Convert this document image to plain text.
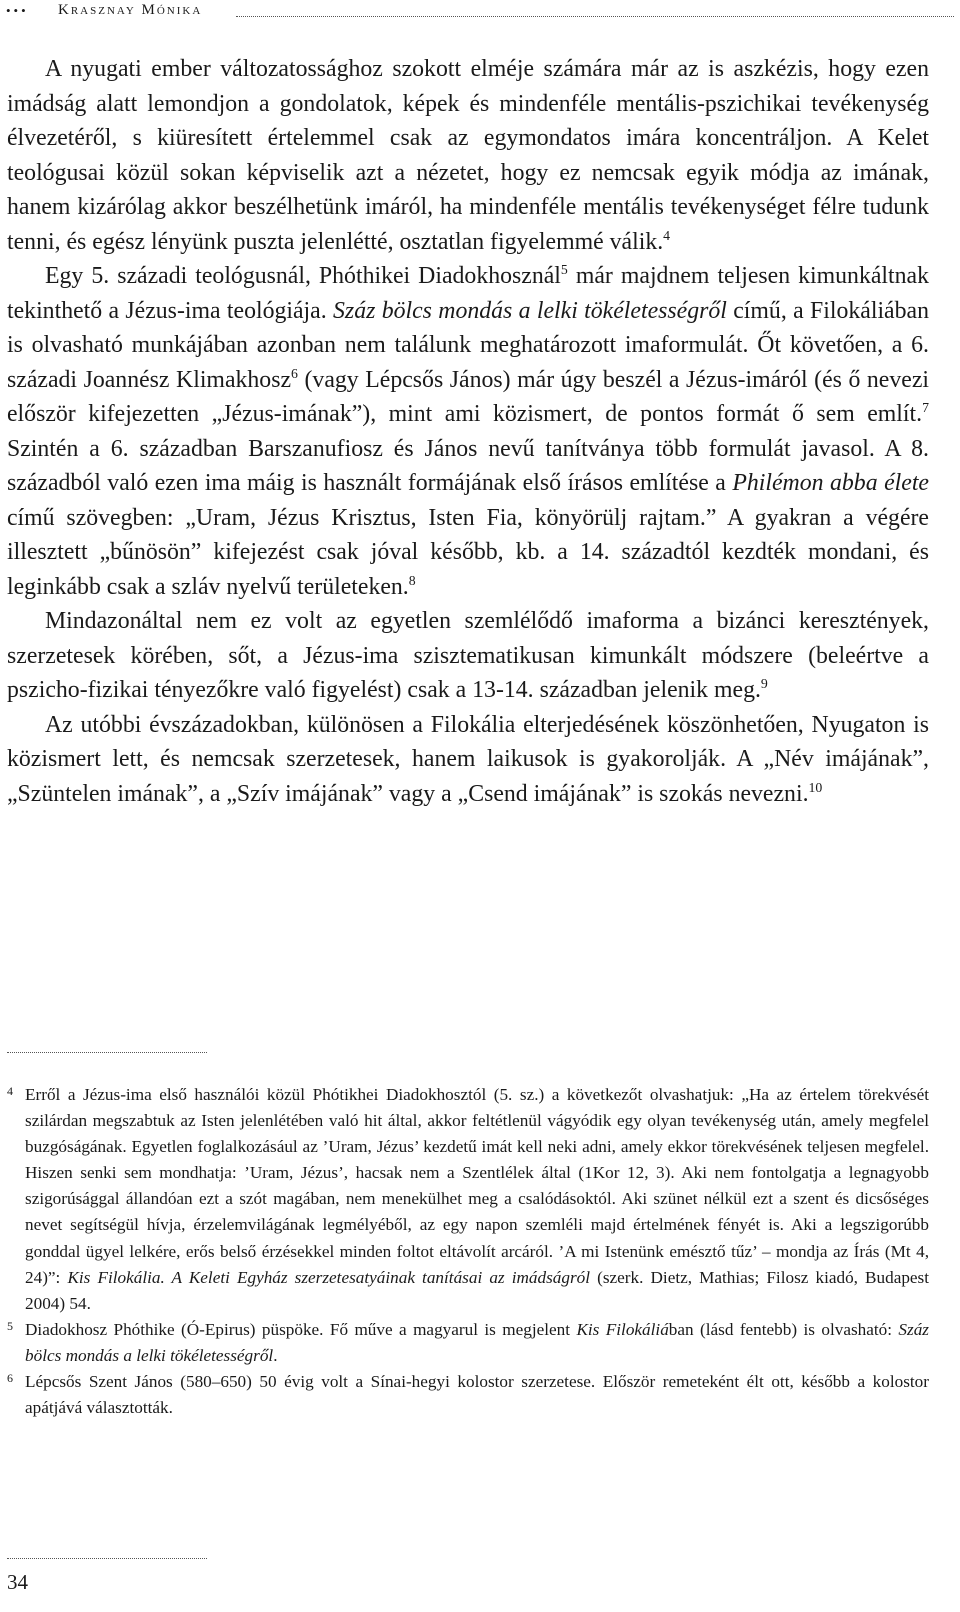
••• Krasznay Mónika

A nyugati ember változatossághoz szokott elméje számára már az is aszkézis, hogy ezen imádság alatt lemondjon a gondolatok, képek és mindenféle mentális-pszichikai tevékenység élvezetéről, s kiüresített értelemmel csak az egymondatos imára koncentráljon. A Kelet teológusai közül sokan képviselik azt a nézetet, hogy ez nemcsak egyik módja az imának, hanem kizárólag akkor beszélhetünk imáról, ha mindenféle mentális tevékenységet félre tudunk tenni, és egész lényünk puszta jelenlétté, osztatlan figyelemmé válik.$^4$

Egy 5. századi teológusnál, Phóthikei Diadokhosznál$^5$ már majdnem teljesen kimunkáltnak tekinthető a Jézus-ima teológiája. Száz bölcs mondás a lelki tökéletességről című, a Filokáliában is olvasható munkájában azonban nem találunk meghatározott imaformulát. Őt követően, a 6. századi Joannész Klimakhosz$^6$ (vagy Lépcsős János) már úgy beszél a Jézus-imáról (és ő nevezi először kifejezetten „Jézus-imának”), mint ami közismert, de pontos formát ő sem említ.$^7$ Szintén a 6. században Barszanufiosz és János nevű tanítványa több formulát javasol. A 8. századból való ezen ima máig is használt formájának első írásos említése a Philémon abba élete című szövegben: „Uram, Jézus Krisztus, Isten Fia, könyörülj rajtam.” A gyakran a végére illesztett „bűnösön” kifejezést csak jóval később, kb. a 14. századtól kezdték mondani, és leginkább csak a szláv nyelvű területeken.$^8$

Mindazonáltal nem ez volt az egyetlen szemlélődő imaforma a bizánci keresztények, szerzetesek körében, sőt, a Jézus-ima szisztematikusan kimunkált módszere (beleértve a pszicho-fizikai tényezőkre való figyelést) csak a 13-14. században jelenik meg.$^9$

Az utóbbi évszázadokban, különösen a Filokália elterjedésének köszönhetően, Nyugaton is közismert lett, és nemcsak szerzetesek, hanem laikusok is gyakorolják. A „Név imájának”, „Szüntelen imának”, a „Szív imájának” vagy a „Csend imájának” is szokás nevezni.$^{10}$

4 Erről a Jézus-ima első használói közül Phótikhei Diadokhosztól (5. sz.) a következőt olvashatjuk: „Ha az értelem törekvését szilárdan megszabtuk az Isten jelenlétében való hit által, akkor feltétlenül vágyódik egy olyan tevékenység után, amely megfelel buzgóságának. Egyetlen foglalkozásául az ’Uram, Jézus’ kezdetű imát kell neki adni, amely ekkor törekvésének teljesen megfelel. Hiszen senki sem mondhatja: ’Uram, Jézus’, hacsak nem a Szentlélek által (1Kor 12, 3). Aki nem fontolgatja a legnagyobb szigorúsággal állandóan ezt a szót magában, nem menekülhet meg a csalódásoktól. Aki szünet nélkül ezt a szent és dicsőséges nevet segítségül hívja, érzelemvilágának legmélyéből, az egy napon szemléli majd értelmének fényét is. Aki a legszigorúbb gonddal ügyel lelkére, erős belső érzésekkel minden foltot eltávolít arcáról. ’A mi Istenünk emésztő tűz’ – mondja az Írás (Mt 4, 24)”: Kis Filokália. A Keleti Egyház szerzetesatyáinak tanításai az imádságról (szerk. Dietz, Mathias; Filosz kiadó, Budapest 2004) 54.

5 Diadokhosz Phóthike (Ó-Epirus) püspöke. Fő műve a magyarul is megjelent Kis Filokáliában (lásd fentebb) is olvasható: Száz bölcs mondás a lelki tökéletességről.

6 Lépcsős Szent János (580–650) 50 évig volt a Sínai-hegyi kolostor szerzetese. Először remeteként élt ott, később a kolostor apátjává választották.

34
